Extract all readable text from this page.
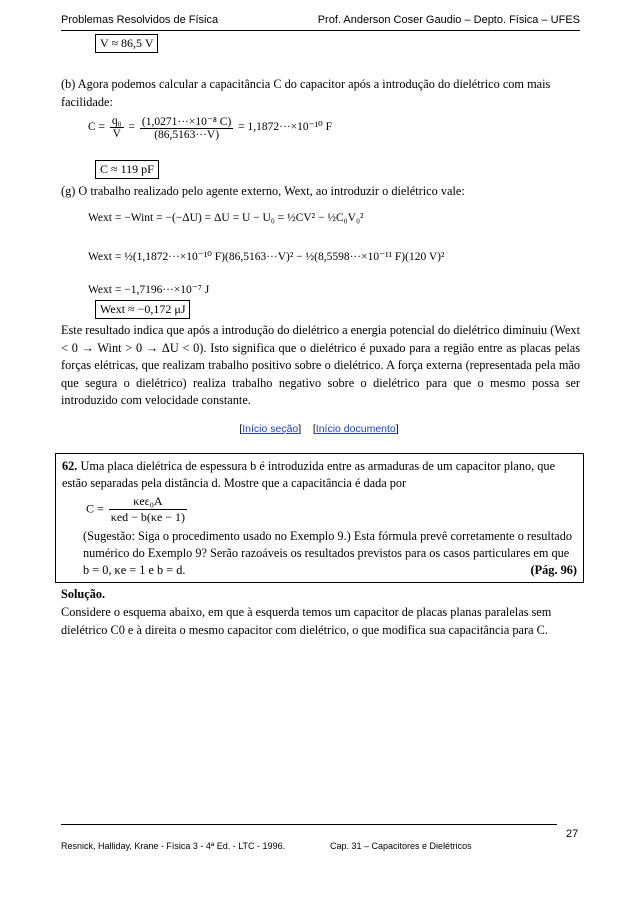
Problemas Resolvidos de Física	Prof. Anderson Coser Gaudio – Depto. Física – UFES
V ≈ 86,5 V
(b) Agora podemos calcular a capacitância C do capacitor após a introdução do dielétrico com mais facilidade:
$C = \frac{\text{q₀}}{V} = \frac{\text{(1,0271···×10⁻⁸ C)}}{(86,5163\cdot\cdot\cdot V)} = 1,1872\cdot\cdot\cdot\times 10^{-10}$ F
C ≈ 119 pF
(g) O trabalho realizado pelo agente externo, Wext, ao introduzir o dielétrico vale:
Wext = −Wint = −(−ΔU) = ΔU = U − U₀ = ½CV² − ½C₀V₀²
Wext = ½(1,1872···×10⁻¹⁰ F)(86,5163···V)² − ½(8,5598···×10⁻¹¹ F)(120 V)²
Wext = −1,7196···×10⁻⁷ J
Wext ≈ −0,172 μJ
Este resultado indica que após a introdução do dielétrico a energia potencial do dielétrico diminuiu (Wext < 0 → Wint > 0 → ΔU < 0). Isto significa que o dielétrico é puxado para a região entre as placas pelas forças elétricas, que realizam trabalho positivo sobre o dielétrico. A força externa (representada pela mão que segura o dielétrico) realiza trabalho negativo sobre o dielétrico para que o mesmo possa ser introduzido com velocidade constante.
[Início seção]    [Início documento]
62. Uma placa dielétrica de espessura b é introduzida entre as armaduras de um capacitor plano, que estão separadas pela distância d. Mostre que a capacitância é dada por
$C = \frac{\text{κeε₀A}}{\text{κed − b(κe − 1)}}$
(Sugestão: Siga o procedimento usado no Exemplo 9.) Esta fórmula prevê corretamente o resultado numérico do Exemplo 9? Serão razoáveis os resultados previstos para os casos particulares em que b = 0, κe = 1 e b = d.	(Pág. 96)
Solução.
Considere o esquema abaixo, em que à esquerda temos um capacitor de placas planas paralelas sem dielétrico C0 e à direita o mesmo capacitor com dielétrico, o que modifica sua capacitância para C.
27
Resnick, Halliday, Krane - Física 3 - 4ª Ed. - LTC - 1996.	Cap. 31 – Capacitores e Dielétricos
